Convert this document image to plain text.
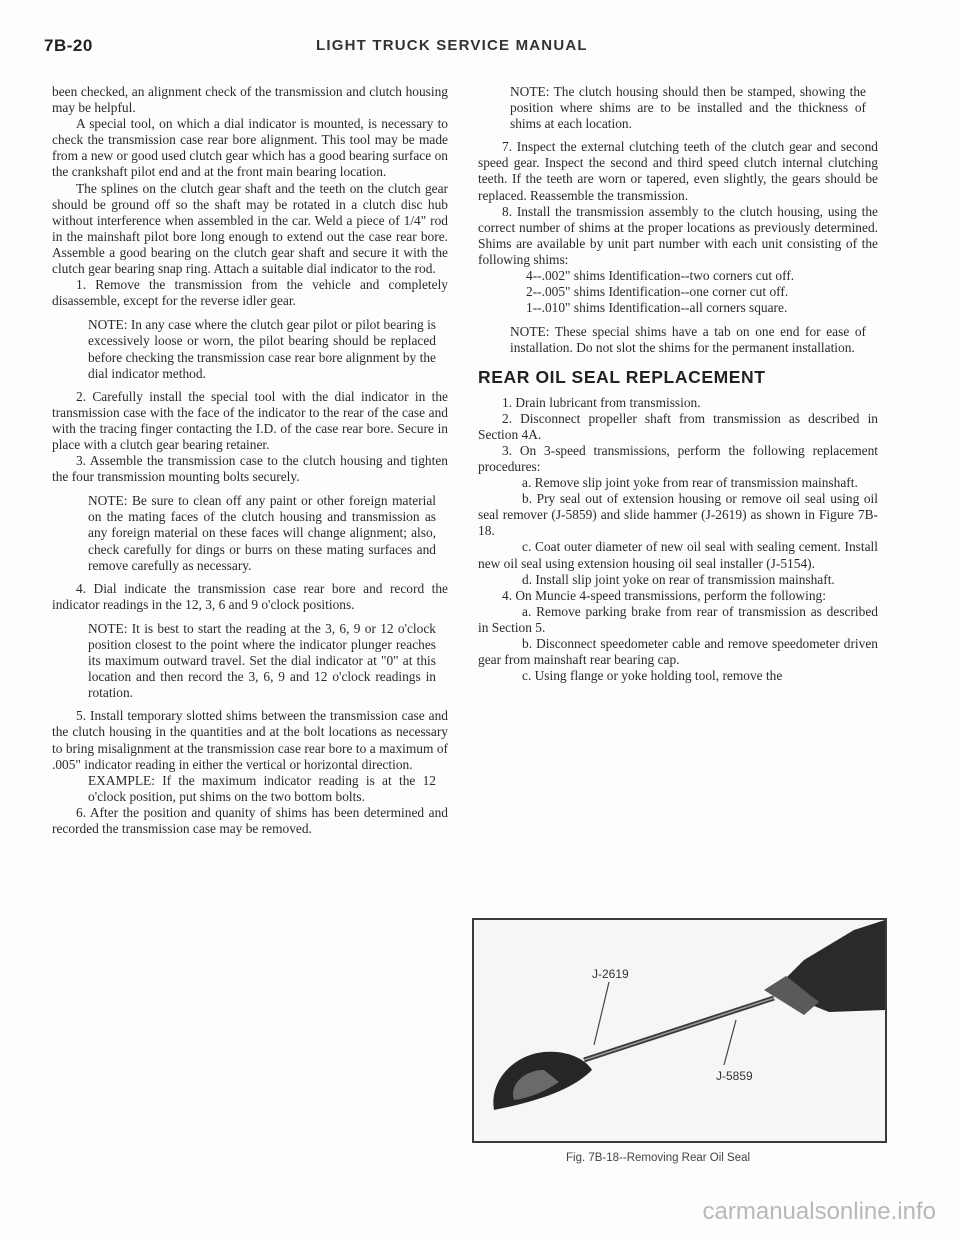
7B-20	LIGHT TRUCK SERVICE MANUAL

been checked, an alignment check of the transmission and clutch housing may be helpful.

A special tool, on which a dial indicator is mounted, is necessary to check the transmission case rear bore alignment. This tool may be made from a new or good used clutch gear which has a good bearing surface on the crankshaft pilot end and at the front main bearing location.

The splines on the clutch gear shaft and the teeth on the clutch gear should be ground off so the shaft may be rotated in a clutch disc hub without interference when assembled in the car. Weld a piece of 1/4" rod in the mainshaft pilot bore long enough to extend out the case rear bore. Assemble a good bearing on the clutch gear shaft and secure it with the clutch gear bearing snap ring. Attach a suitable dial indicator to the rod.

1. Remove the transmission from the vehicle and completely disassemble, except for the reverse idler gear.

NOTE: In any case where the clutch gear pilot or pilot bearing is excessively loose or worn, the pilot bearing should be replaced before checking the transmission case rear bore alignment by the dial indicator method.

2. Carefully install the special tool with the dial indicator in the transmission case with the face of the indicator to the rear of the case and with the tracing finger contacting the I.D. of the case rear bore. Secure in place with a clutch gear bearing retainer.

3. Assemble the transmission case to the clutch housing and tighten the four transmission mounting bolts securely.

NOTE: Be sure to clean off any paint or other foreign material on the mating faces of the clutch housing and transmission as any foreign material on these faces will change alignment; also, check carefully for dings or burrs on these mating surfaces and remove carefully as necessary.

4. Dial indicate the transmission case rear bore and record the indicator readings in the 12, 3, 6 and 9 o'clock positions.

NOTE: It is best to start the reading at the 3, 6, 9 or 12 o'clock position closest to the point where the indicator plunger reaches its maximum outward travel. Set the dial indicator at "0" at this location and then record the 3, 6, 9 and 12 o'clock readings in rotation.

5. Install temporary slotted shims between the transmission case and the clutch housing in the quantities and at the bolt locations as necessary to bring misalignment at the transmission case rear bore to a maximum of .005" indicator reading in either the vertical or horizontal direction.

EXAMPLE: If the maximum indicator reading is at the 12 o'clock position, put shims on the two bottom bolts.

6. After the position and quanity of shims has been determined and recorded the transmission case may be removed.

NOTE: The clutch housing should then be stamped, showing the position where shims are to be installed and the thickness of shims at each location.

7. Inspect the external clutching teeth of the clutch gear and second speed gear. Inspect the second and third speed clutch internal clutching teeth. If the teeth are worn or tapered, even slightly, the gears should be replaced. Reassemble the transmission.

8. Install the transmission assembly to the clutch housing, using the correct number of shims at the proper locations as previously determined. Shims are available by unit part number with each unit consisting of the following shims:

4--.002" shims Identification--two corners cut off.

2--.005" shims Identification--one corner cut off.

1--.010" shims Identification--all corners square.

NOTE: These special shims have a tab on one end for ease of installation. Do not slot the shims for the permanent installation.

REAR OIL SEAL REPLACEMENT

1. Drain lubricant from transmission.

2. Disconnect propeller shaft from transmission as described in Section 4A.

3. On 3-speed transmissions, perform the following replacement procedures:

a. Remove slip joint yoke from rear of transmission mainshaft.

b. Pry seal out of extension housing or remove oil seal using oil seal remover (J-5859) and slide hammer (J-2619) as shown in Figure 7B-18.

c. Coat outer diameter of new oil seal with sealing cement. Install new oil seal using extension housing oil seal installer (J-5154).

d. Install slip joint yoke on rear of transmission mainshaft.

4. On Muncie 4-speed transmissions, perform the following:

a. Remove parking brake from rear of transmission as described in Section 5.

b. Disconnect speedometer cable and remove speedometer driven gear from mainshaft rear bearing cap.

c. Using flange or yoke holding tool, remove the

J-2619
J-5859
Fig. 7B-18--Removing Rear Oil Seal
carmanualsonline.info
